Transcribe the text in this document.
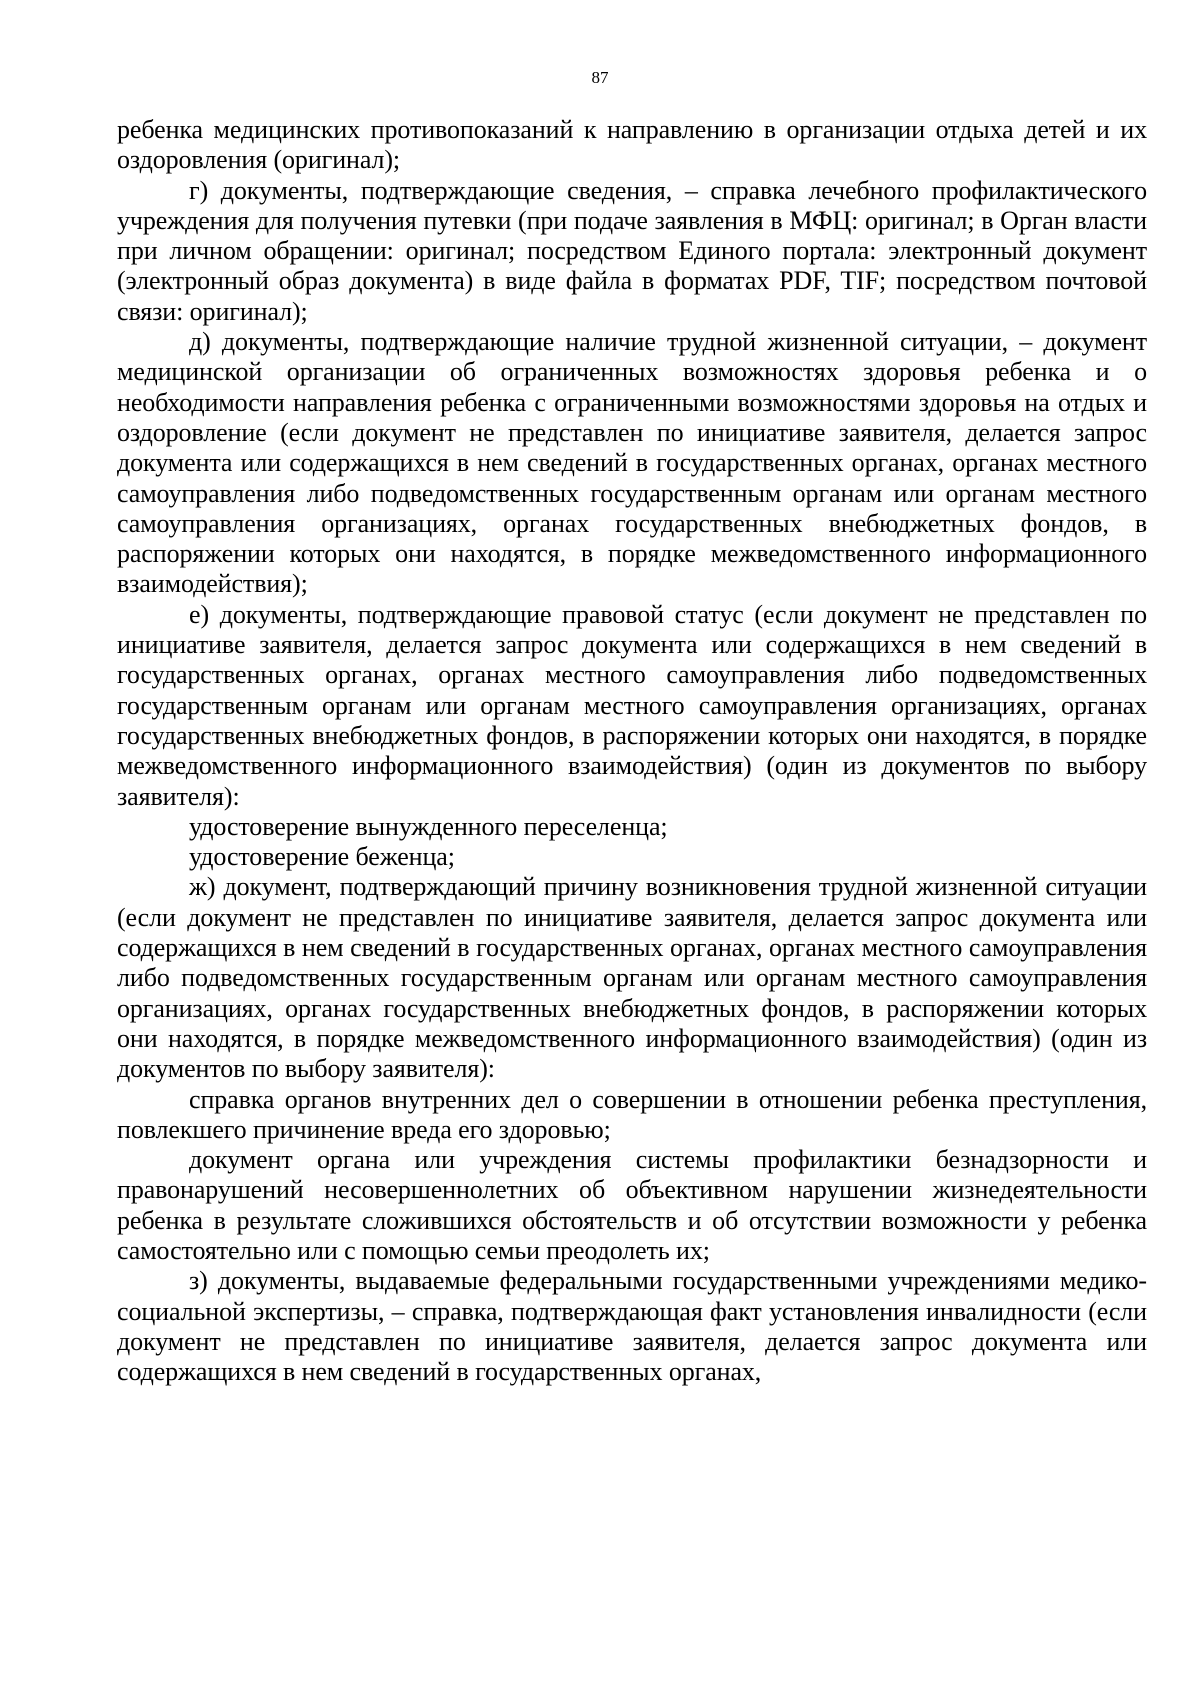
87

ребенка медицинских противопоказаний к направлению в организации отдыха детей и их оздоровления (оригинал);

г) документы, подтверждающие сведения, – справка лечебного профилактического учреждения для получения путевки (при подаче заявления в МФЦ: оригинал; в Орган власти при личном обращении: оригинал; посредством Единого портала: электронный документ (электронный образ документа) в виде файла в форматах PDF, TIF; посредством почтовой связи: оригинал);

д) документы, подтверждающие наличие трудной жизненной ситуации, – документ медицинской организации об ограниченных возможностях здоровья ребенка и о необходимости направления ребенка с ограниченными возможностями здоровья на отдых и оздоровление (если документ не представлен по инициативе заявителя, делается запрос документа или содержащихся в нем сведений в государственных органах, органах местного самоуправления либо подведомственных государственным органам или органам местного самоуправления организациях, органах государственных внебюджетных фондов, в распоряжении которых они находятся, в порядке межведомственного информационного взаимодействия);

е) документы, подтверждающие правовой статус (если документ не представлен по инициативе заявителя, делается запрос документа или содержащихся в нем сведений в государственных органах, органах местного самоуправления либо подведомственных государственным органам или органам местного самоуправления организациях, органах государственных внебюджетных фондов, в распоряжении которых они находятся, в порядке межведомственного информационного взаимодействия) (один из документов по выбору заявителя):

удостоверение вынужденного переселенца;

удостоверение беженца;

ж) документ, подтверждающий причину возникновения трудной жизненной ситуации (если документ не представлен по инициативе заявителя, делается запрос документа или содержащихся в нем сведений в государственных органах, органах местного самоуправления либо подведомственных государственным органам или органам местного самоуправления организациях, органах государственных внебюджетных фондов, в распоряжении которых они находятся, в порядке межведомственного информационного взаимодействия) (один из документов по выбору заявителя):

справка органов внутренних дел о совершении в отношении ребенка преступления, повлекшего причинение вреда его здоровью;

документ органа или учреждения системы профилактики безнадзорности и правонарушений несовершеннолетних об объективном нарушении жизнедеятельности ребенка в результате сложившихся обстоятельств и об отсутствии возможности у ребенка самостоятельно или с помощью семьи преодолеть их;

з) документы, выдаваемые федеральными государственными учреждениями медико-социальной экспертизы, – справка, подтверждающая факт установления инвалидности (если документ не представлен по инициативе заявителя, делается запрос документа или содержащихся в нем сведений в государственных органах,
